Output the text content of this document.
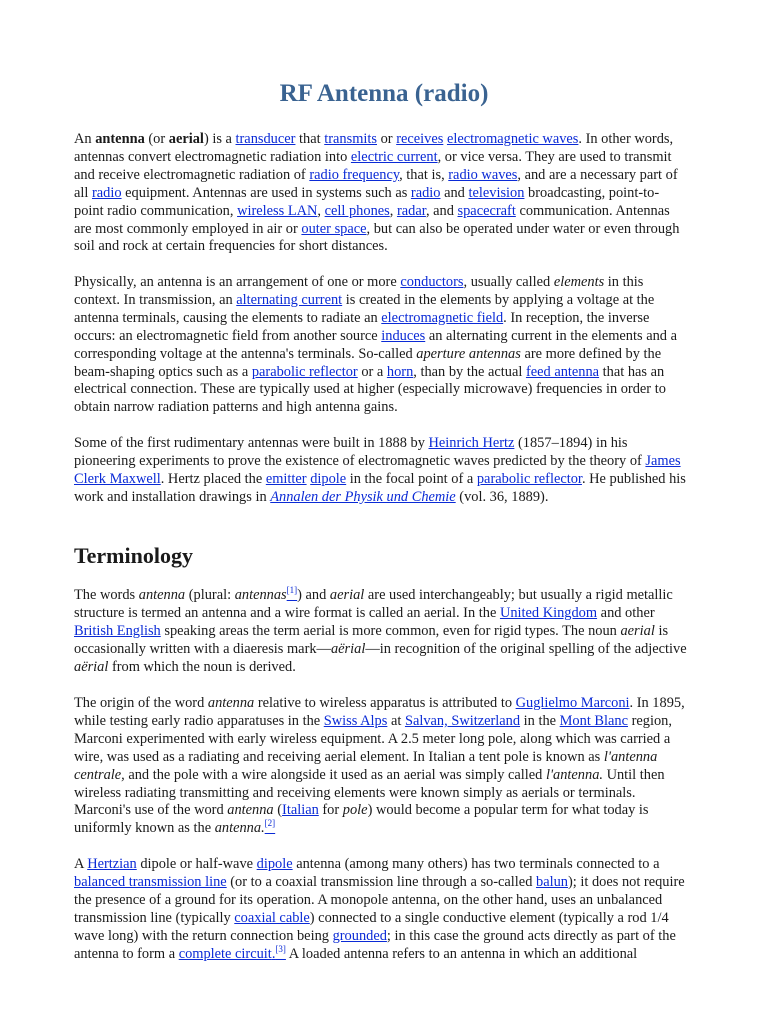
RF Antenna (radio)

An antenna (or aerial) is a transducer that transmits or receives electromagnetic waves. In other words,
antennas convert electromagnetic radiation into electric current, or vice versa. They are used to transmit
and receive electromagnetic radiation of radio frequency, that is, radio waves, and are a necessary part of
all radio equipment. Antennas are used in systems such as radio and television broadcasting, point-to-
point radio communication, wireless LAN, cell phones, radar, and spacecraft communication. Antennas
are most commonly employed in air or outer space, but can also be operated under water or even through
soil and rock at certain frequencies for short distances.

Physically, an antenna is an arrangement of one or more conductors, usually called elements in this
context. In transmission, an alternating current is created in the elements by applying a voltage at the
antenna terminals, causing the elements to radiate an electromagnetic field. In reception, the inverse
occurs: an electromagnetic field from another source induces an alternating current in the elements and a
corresponding voltage at the antenna's terminals. So-called aperture antennas are more defined by the
beam-shaping optics such as a parabolic reflector or a horn, than by the actual feed antenna that has an
electrical connection. These are typically used at higher (especially microwave) frequencies in order to
obtain narrow radiation patterns and high antenna gains.

Some of the first rudimentary antennas were built in 1888 by Heinrich Hertz (1857–1894) in his
pioneering experiments to prove the existence of electromagnetic waves predicted by the theory of James
Clerk Maxwell. Hertz placed the emitter dipole in the focal point of a parabolic reflector. He published his
work and installation drawings in Annalen der Physik und Chemie (vol. 36, 1889).

Terminology

The words antenna (plural: antennas[1]) and aerial are used interchangeably; but usually a rigid metallic
structure is termed an antenna and a wire format is called an aerial. In the United Kingdom and other
British English speaking areas the term aerial is more common, even for rigid types. The noun aerial is
occasionally written with a diaeresis mark—aërial—in recognition of the original spelling of the adjective
aërial from which the noun is derived.

The origin of the word antenna relative to wireless apparatus is attributed to Guglielmo Marconi. In 1895,
while testing early radio apparatuses in the Swiss Alps at Salvan, Switzerland in the Mont Blanc region,
Marconi experimented with early wireless equipment. A 2.5 meter long pole, along which was carried a
wire, was used as a radiating and receiving aerial element. In Italian a tent pole is known as l'antenna
centrale, and the pole with a wire alongside it used as an aerial was simply called l'antenna. Until then
wireless radiating transmitting and receiving elements were known simply as aerials or terminals.
Marconi's use of the word antenna (Italian for pole) would become a popular term for what today is
uniformly known as the antenna.[2]

A Hertzian dipole or half-wave dipole antenna (among many others) has two terminals connected to a
balanced transmission line (or to a coaxial transmission line through a so-called balun); it does not require
the presence of a ground for its operation. A monopole antenna, on the other hand, uses an unbalanced
transmission line (typically coaxial cable) connected to a single conductive element (typically a rod 1/4
wave long) with the return connection being grounded; in this case the ground acts directly as part of the
antenna to form a complete circuit.[3] A loaded antenna refers to an antenna in which an additional
